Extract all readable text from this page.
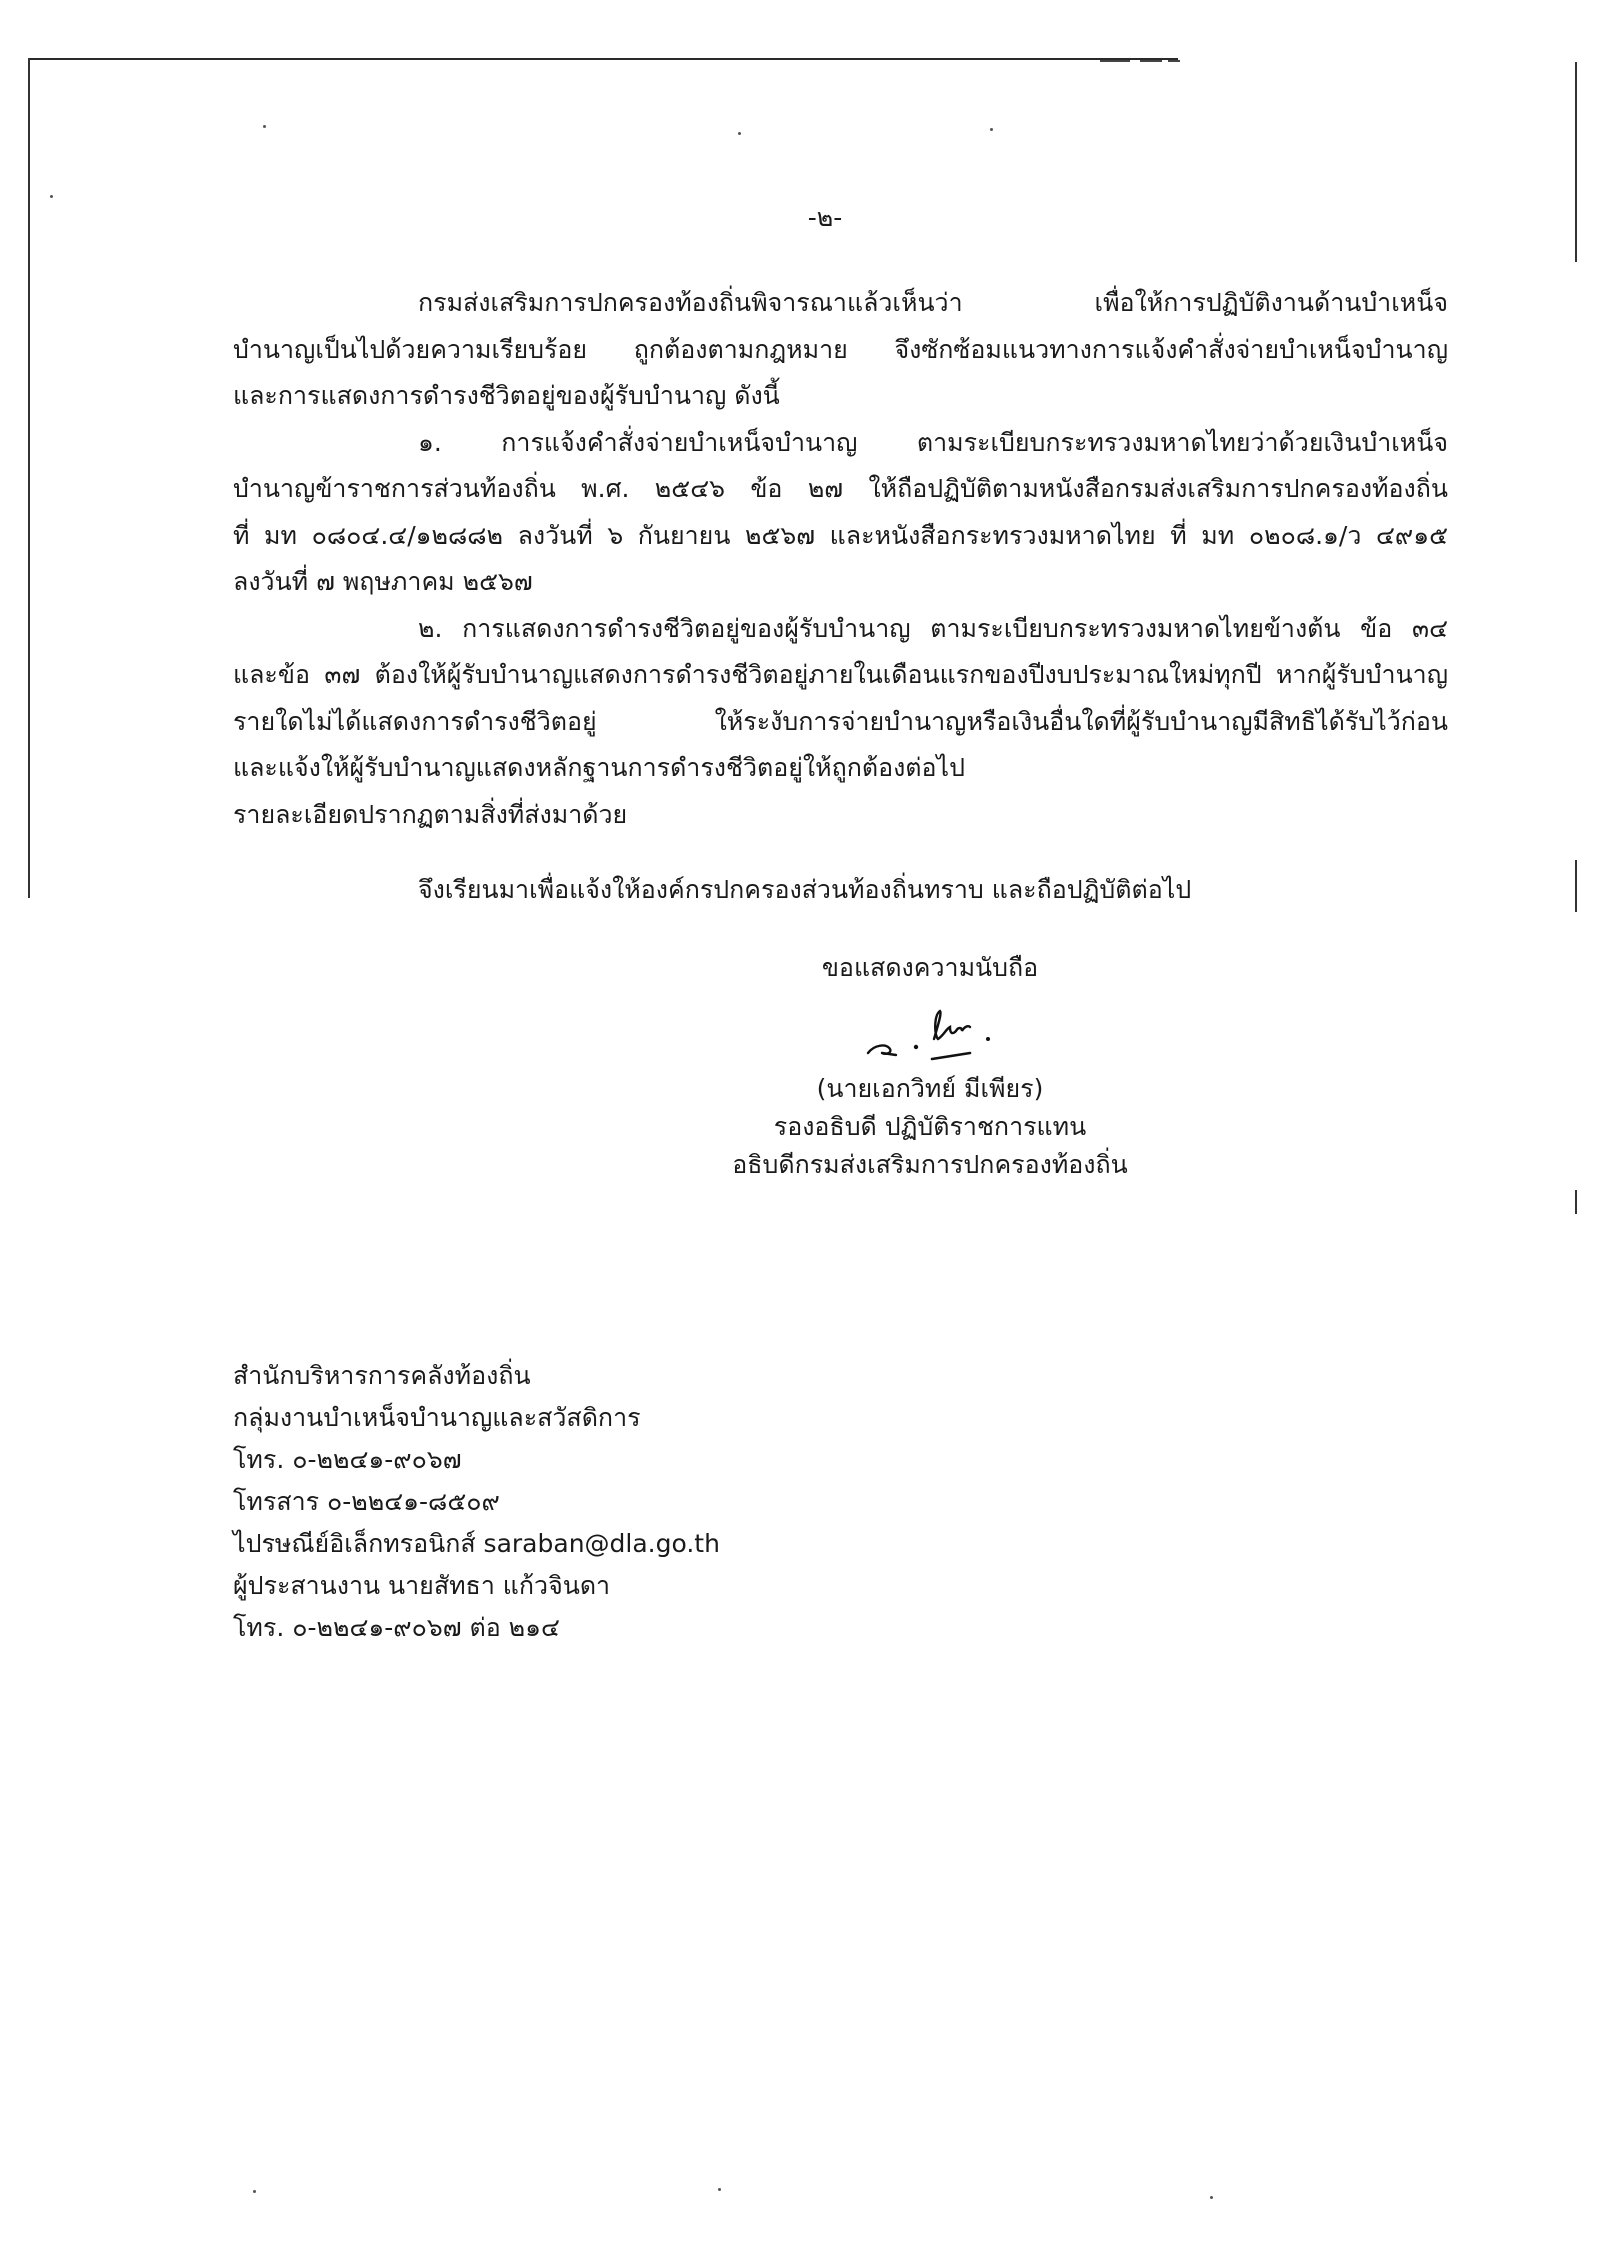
-๒-

กรมส่งเสริมการปกครองท้องถิ่นพิจารณาแล้วเห็นว่า เพื่อให้การปฏิบัติงานด้านบำเหน็จ

บำนาญเป็นไปด้วยความเรียบร้อย ถูกต้องตามกฎหมาย จึงซักซ้อมแนวทางการแจ้งคำสั่งจ่ายบำเหน็จบำนาญ

และการแสดงการดำรงชีวิตอยู่ของผู้รับบำนาญ ดังนี้

๑. การแจ้งคำสั่งจ่ายบำเหน็จบำนาญ ตามระเบียบกระทรวงมหาดไทยว่าด้วยเงินบำเหน็จ

บำนาญข้าราชการส่วนท้องถิ่น พ.ศ. ๒๕๔๖ ข้อ ๒๗ ให้ถือปฏิบัติตามหนังสือกรมส่งเสริมการปกครองท้องถิ่น

ที่ มท ๐๘๐๔.๔/๑๒๘๘๒ ลงวันที่ ๖ กันยายน ๒๕๖๗ และหนังสือกระทรวงมหาดไทย ที่ มท ๐๒๐๘.๑/ว ๔๙๑๕

ลงวันที่ ๗ พฤษภาคม ๒๕๖๗

๒. การแสดงการดำรงชีวิตอยู่ของผู้รับบำนาญ ตามระเบียบกระทรวงมหาดไทยข้างต้น ข้อ ๓๔

และข้อ ๓๗ ต้องให้ผู้รับบำนาญแสดงการดำรงชีวิตอยู่ภายในเดือนแรกของปีงบประมาณใหม่ทุกปี หากผู้รับบำนาญ

รายใดไม่ได้แสดงการดำรงชีวิตอยู่ ให้ระงับการจ่ายบำนาญหรือเงินอื่นใดที่ผู้รับบำนาญมีสิทธิได้รับไว้ก่อน

และแจ้งให้ผู้รับบำนาญแสดงหลักฐานการดำรงชีวิตอยู่ให้ถูกต้องต่อไป

รายละเอียดปรากฏตามสิ่งที่ส่งมาด้วย

จึงเรียนมาเพื่อแจ้งให้องค์กรปกครองส่วนท้องถิ่นทราบ และถือปฏิบัติต่อไป

ขอแสดงความนับถือ

(นายเอกวิทย์ มีเพียร)
รองอธิบดี ปฏิบัติราชการแทน
อธิบดีกรมส่งเสริมการปกครองท้องถิ่น
สำนักบริหารการคลังท้องถิ่น
กลุ่มงานบำเหน็จบำนาญและสวัสดิการ
โทร. ๐-๒๒๔๑-๙๐๖๗
โทรสาร ๐-๒๒๔๑-๘๕๐๙
ไปรษณีย์อิเล็กทรอนิกส์ saraban@dla.go.th
ผู้ประสานงาน นายสัทธา แก้วจินดา
โทร. ๐-๒๒๔๑-๙๐๖๗ ต่อ ๒๑๔
